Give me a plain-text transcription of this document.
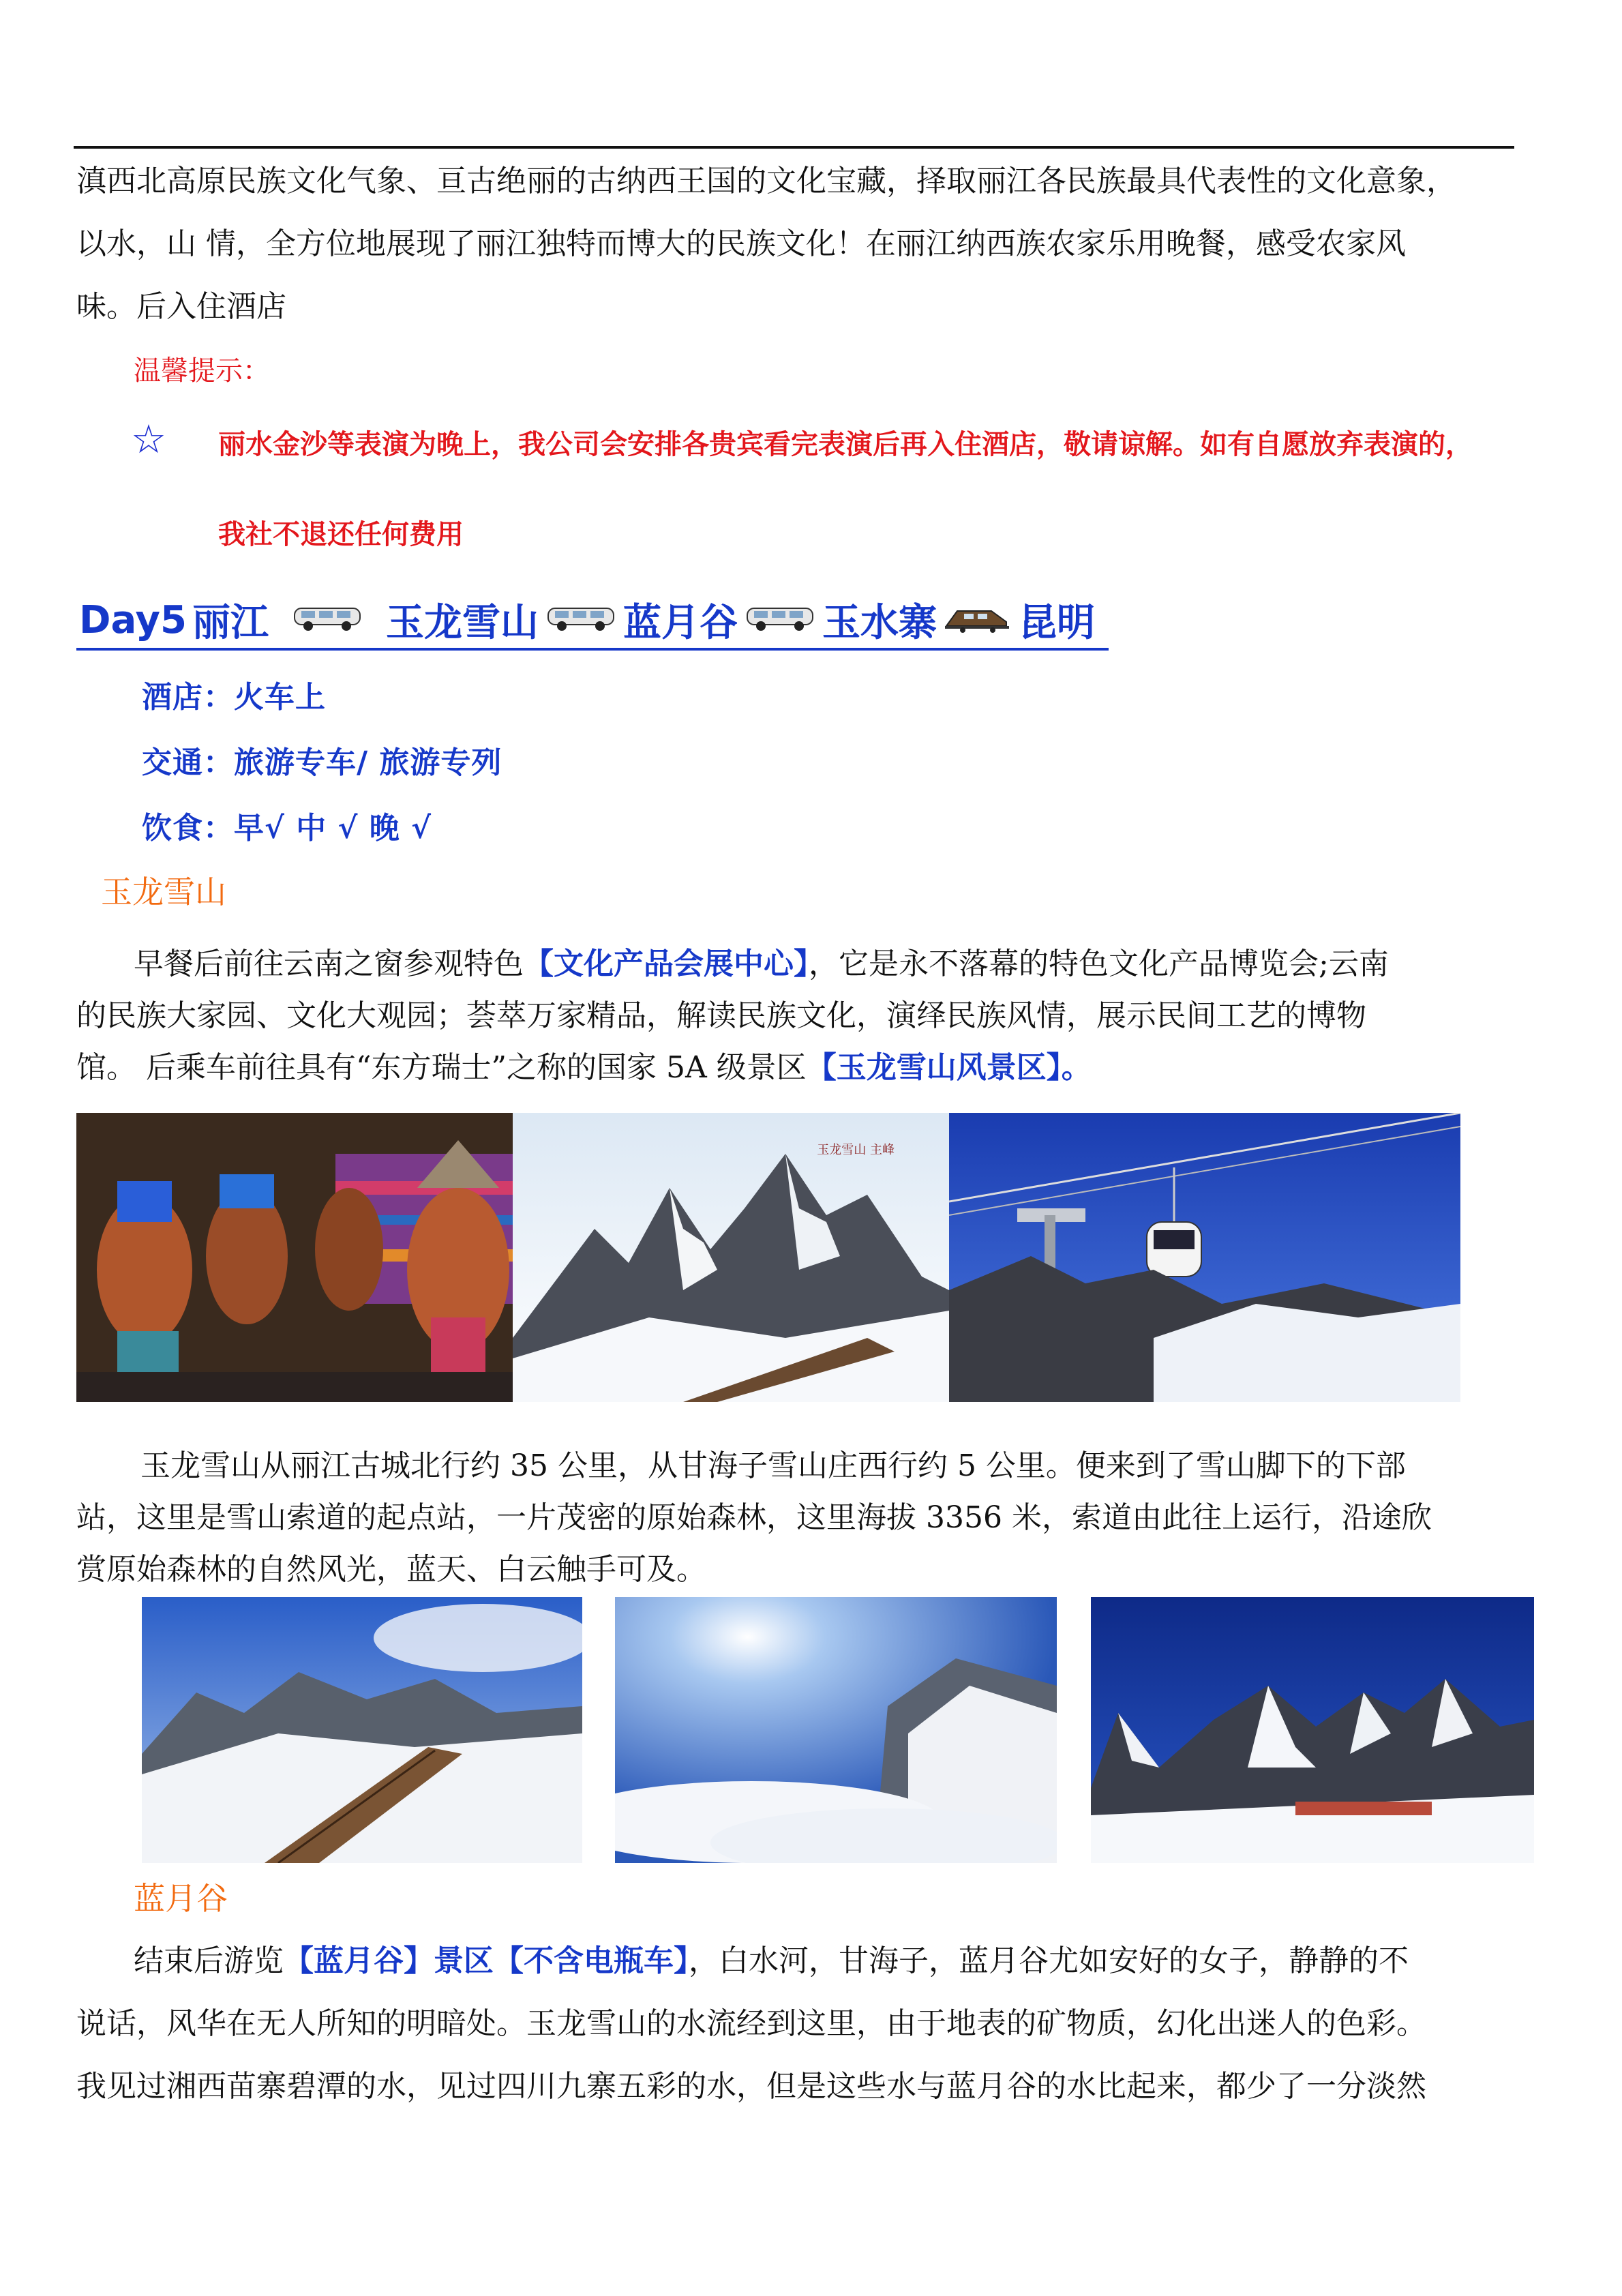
滇西北高原民族文化气象、亘古绝丽的古纳西王国的文化宝藏，择取丽江各民族最具代表性的文化意象，
以水，山 情，全方位地展现了丽江独特而博大的民族文化！在丽江纳西族农家乐用晚餐，感受农家风
味。后入住酒店
温馨提示：
☆ 丽水金沙等表演为晚上，我公司会安排各贵宾看完表演后再入住酒店，敬请谅解。如有自愿放弃表演的，
我社不退还任何费用
Day5 丽江	玉龙雪山 蓝月谷 玉水寨 昆明
酒店：火车上
交通：旅游专车/ 旅游专列
饮食：早√ 中 √ 晚 √
玉龙雪山
早餐后前往云南之窗参观特色【文化产品会展中心】，它是永不落幕的特色文化产品博览会;云南
的民族大家园、文化大观园；荟萃万家精品，解读民族文化，演绎民族风情，展示民间工艺的博物
馆。 后乘车前往具有“东方瑞士”之称的国家 5A 级景区【玉龙雪山风景区】。
玉龙雪山 主峰
玉龙雪山从丽江古城北行约 35 公里，从甘海子雪山庄西行约 5 公里。便来到了雪山脚下的下部
站，这里是雪山索道的起点站，一片茂密的原始森林，这里海拔 3356 米，索道由此往上运行，沿途欣
赏原始森林的自然风光，蓝天、白云触手可及。
蓝月谷
结束后游览【蓝月谷】景区【不含电瓶车】，白水河，甘海子，蓝月谷尤如安好的女子，静静的不
说话，风华在无人所知的明暗处。玉龙雪山的水流经到这里，由于地表的矿物质，幻化出迷人的色彩。
我见过湘西苗寨碧潭的水，见过四川九寨五彩的水，但是这些水与蓝月谷的水比起来，都少了一分淡然
